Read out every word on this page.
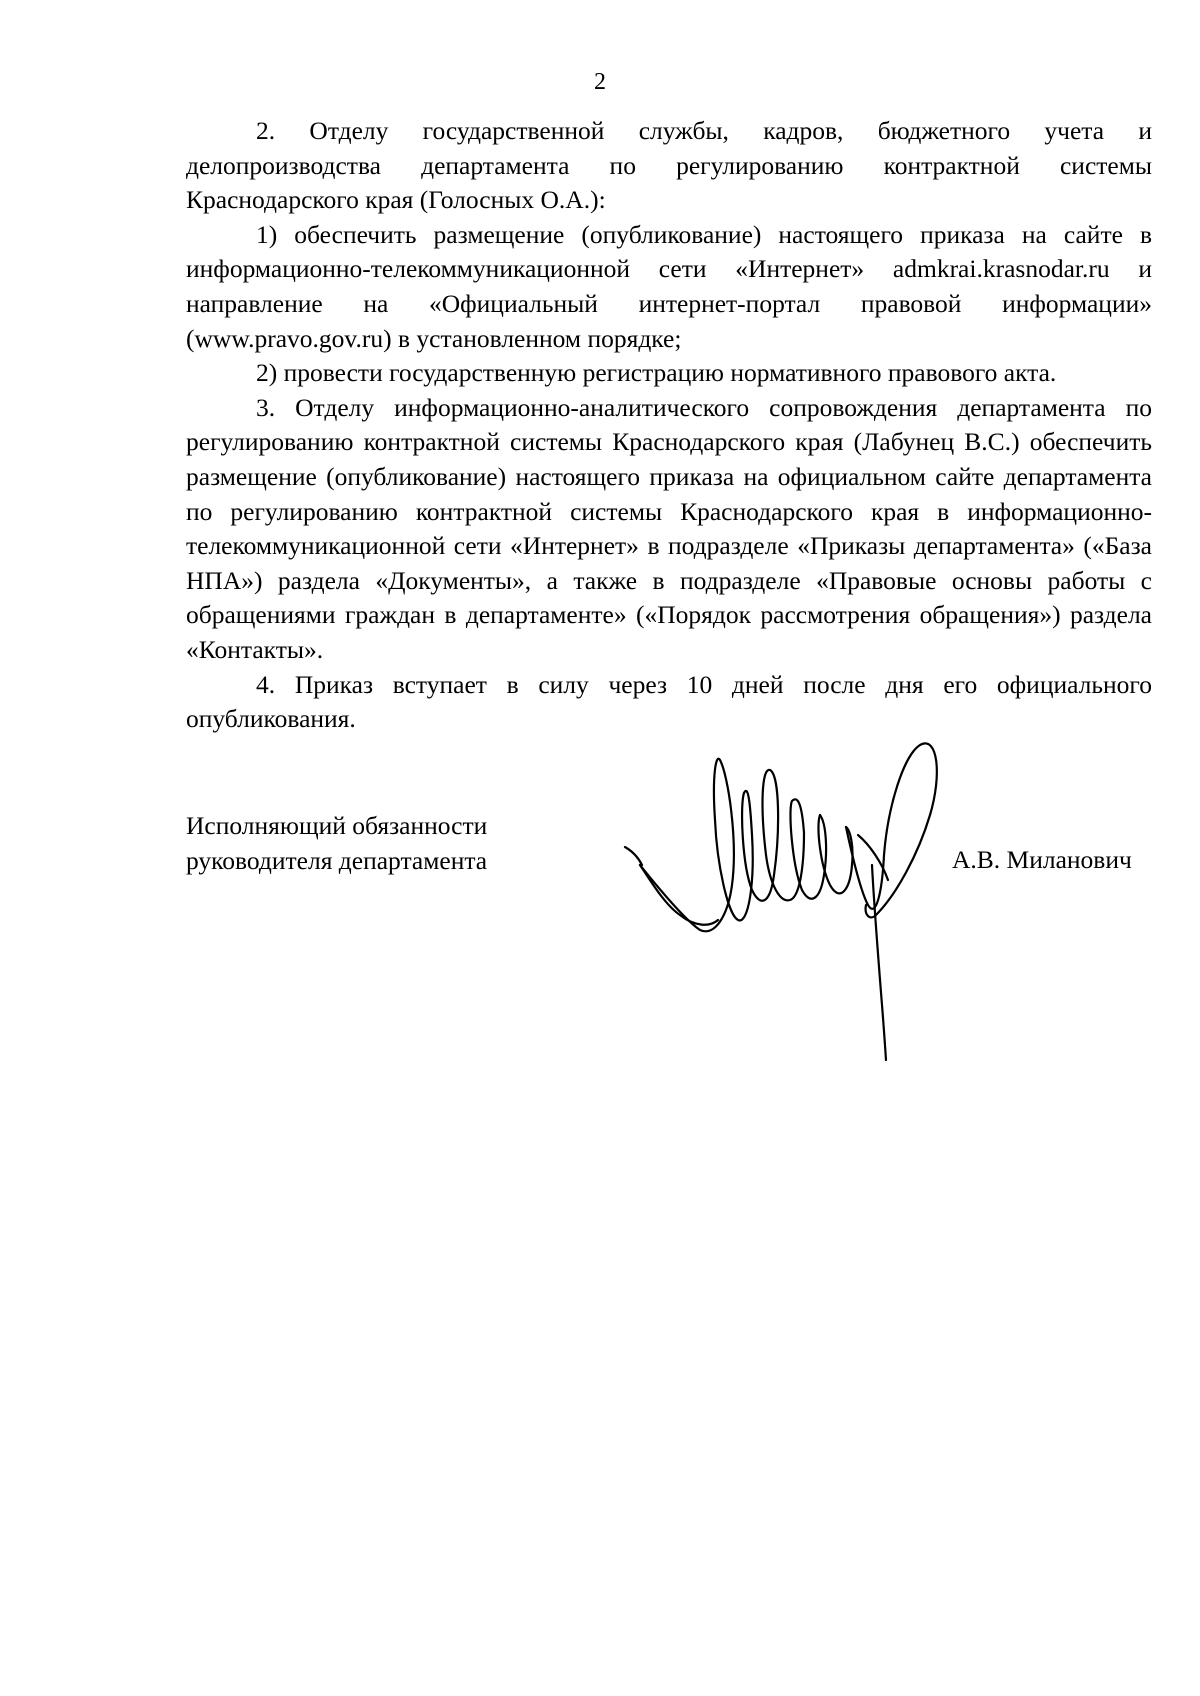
2

2. Отделу государственной службы, кадров, бюджетного учета и делопроизводства департамента по регулированию контрактной системы Краснодарского края (Голосных О.А.):

1) обеспечить размещение (опубликование) настоящего приказа на сайте в информационно-телекоммуникационной сети «Интернет» admkrai.krasnodar.ru и направление на «Официальный интернет-портал правовой информации» (www.pravo.gov.ru) в установленном порядке;

2) провести государственную регистрацию нормативного правового акта.

3. Отделу информационно-аналитического сопровождения департамента по регулированию контрактной системы Краснодарского края (Лабунец В.С.) обеспечить размещение (опубликование) настоящего приказа на официальном сайте департамента по регулированию контрактной системы Краснодарского края в информационно-телекоммуникационной сети «Интернет» в подразделе «Приказы департамента» («База НПА») раздела «Документы», а также в подразделе «Правовые основы работы с обращениями граждан в департаменте» («Порядок рассмотрения обращения») раздела «Контакты».

4. Приказ вступает в силу через 10 дней после дня его официального опубликования.

Исполняющий обязанности
руководителя департамента	А.В. Миланович
